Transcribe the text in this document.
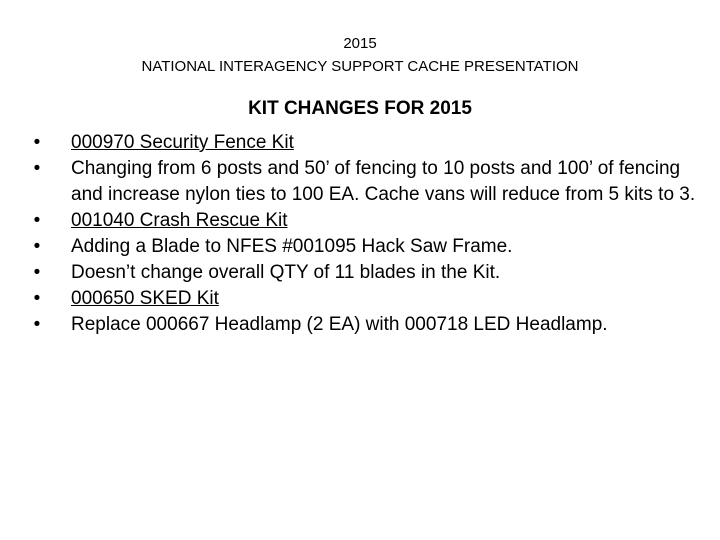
2015
NATIONAL INTERAGENCY SUPPORT CACHE PRESENTATION
KIT CHANGES FOR 2015
• 000970 Security Fence Kit
• Changing from 6 posts and 50’ of fencing to 10 posts and 100’ of fencing and increase nylon ties to 100 EA. Cache vans will reduce from 5 kits to 3.
• 001040 Crash Rescue Kit
• Adding a Blade to NFES #001095 Hack Saw Frame.
• Doesn’t change overall QTY of 11 blades in the Kit.
• 000650 SKED Kit
• Replace 000667 Headlamp (2 EA) with 000718 LED Headlamp.
